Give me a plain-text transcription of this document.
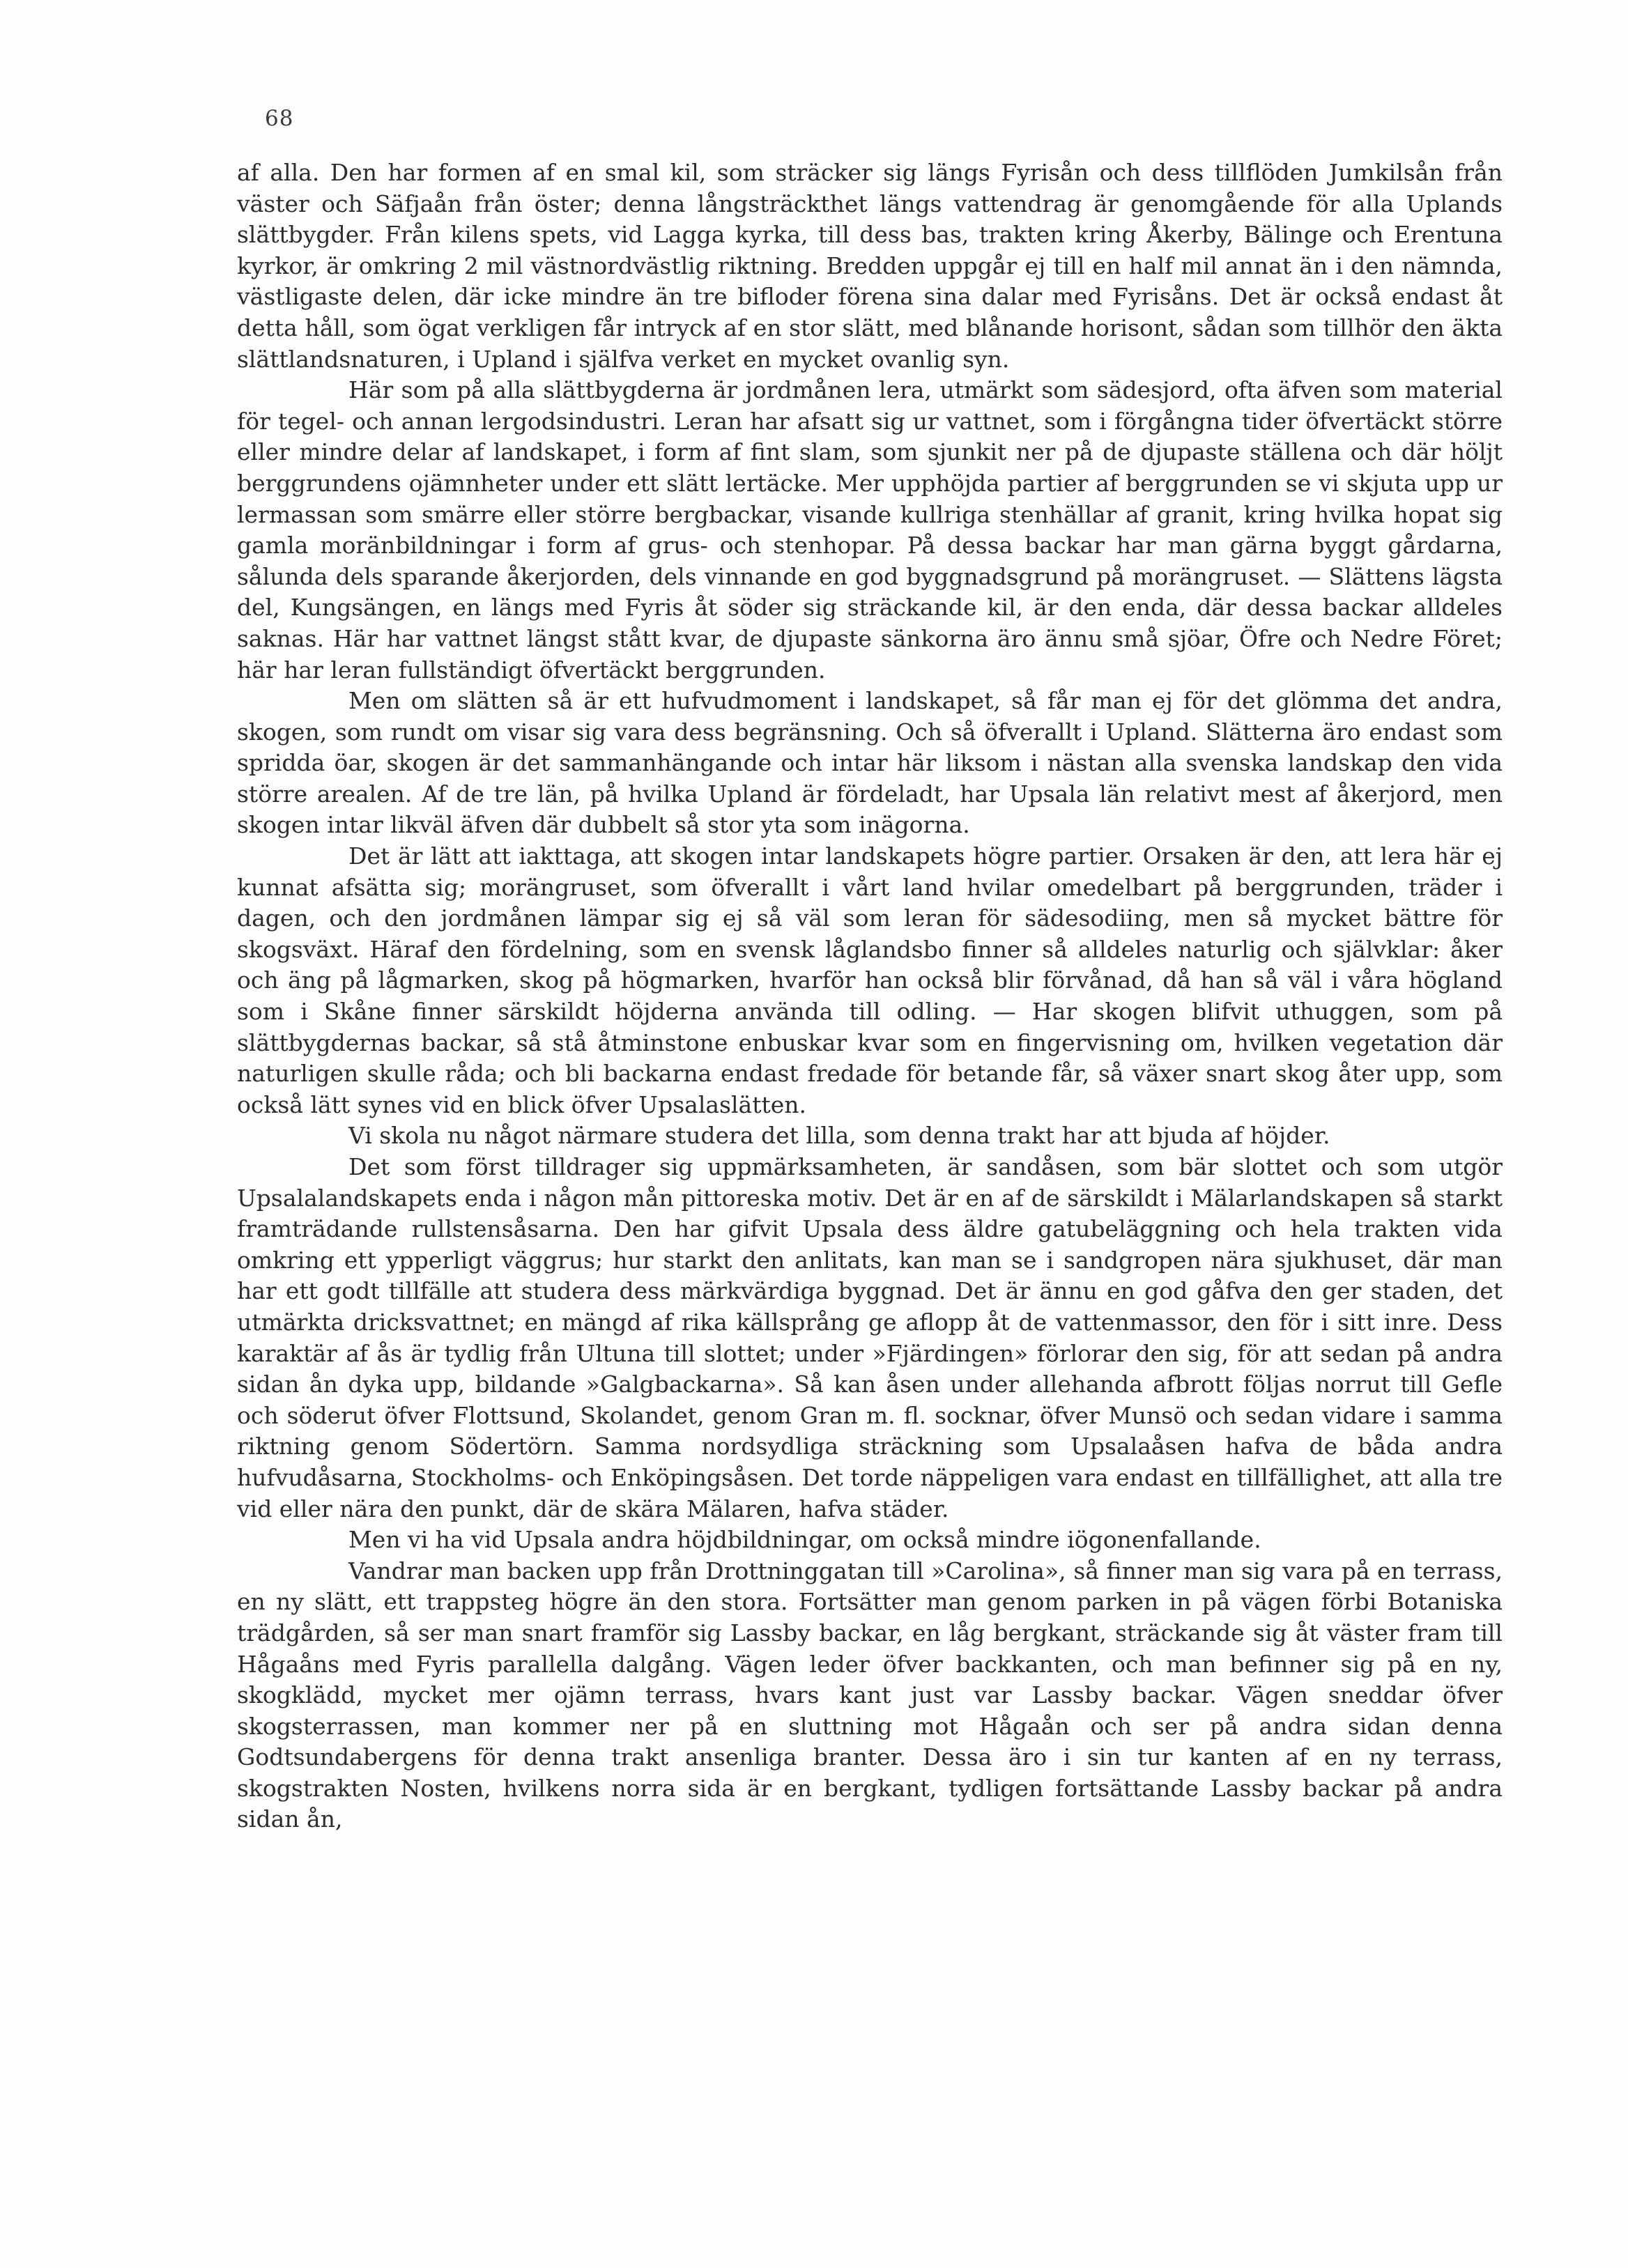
68

af alla. Den har formen af en smal kil, som sträcker sig längs Fyrisån och dess tillflöden Jumkilsån från väster och Säfjaån från öster; denna långsträckthet längs vattendrag är genomgående för alla Uplands slättbygder. Från kilens spets, vid Lagga kyrka, till dess bas, trakten kring Åkerby, Bälinge och Erentuna kyrkor, är omkring 2 mil västnordvästlig riktning. Bredden uppgår ej till en half mil annat än i den nämnda, västligaste delen, där icke mindre än tre bifloder förena sina dalar med Fyrisåns. Det är också endast åt detta håll, som ögat verkligen får intryck af en stor slätt, med blånande horisont, sådan som tillhör den äkta slättlandsnaturen, i Upland i själfva verket en mycket ovanlig syn.

Här som på alla slättbygderna är jordmånen lera, utmärkt som sädesjord, ofta äfven som material för tegel- och annan lergodsindustri. Leran har afsatt sig ur vattnet, som i förgångna tider öfvertäckt större eller mindre delar af landskapet, i form af fint slam, som sjunkit ner på de djupaste ställena och där höljt berggrundens ojämnheter under ett slätt lertäcke. Mer upphöjda partier af berggrunden se vi skjuta upp ur lermassan som smärre eller större bergbackar, visande kullriga stenhällar af granit, kring hvilka hopat sig gamla moränbildningar i form af grus- och stenhopar. På dessa backar har man gärna byggt gårdarna, sålunda dels sparande åkerjorden, dels vinnande en god byggnadsgrund på morängruset. — Slättens lägsta del, Kungsängen, en längs med Fyris åt söder sig sträckande kil, är den enda, där dessa backar alldeles saknas. Här har vattnet längst stått kvar, de djupaste sänkorna äro ännu små sjöar, Öfre och Nedre Föret; här har leran fullständigt öfvertäckt berggrunden.

Men om slätten så är ett hufvudmoment i landskapet, så får man ej för det glömma det andra, skogen, som rundt om visar sig vara dess begränsning. Och så öfverallt i Upland. Slätterna äro endast som spridda öar, skogen är det sammanhängande och intar här liksom i nästan alla svenska landskap den vida större arealen. Af de tre län, på hvilka Upland är fördeladt, har Upsala län relativt mest af åkerjord, men skogen intar likväl äfven där dubbelt så stor yta som inägorna.

Det är lätt att iakttaga, att skogen intar landskapets högre partier. Orsaken är den, att lera här ej kunnat afsätta sig; morängruset, som öfverallt i vårt land hvilar omedelbart på berggrunden, träder i dagen, och den jordmånen lämpar sig ej så väl som leran för sädesodiing, men så mycket bättre för skogsväxt. Häraf den fördelning, som en svensk låglandsbo finner så alldeles naturlig och självklar: åker och äng på lågmarken, skog på högmarken, hvarför han också blir förvånad, då han så väl i våra högland som i Skåne finner särskildt höjderna använda till odling. — Har skogen blifvit uthuggen, som på slättbygdernas backar, så stå åtminstone enbuskar kvar som en fingervisning om, hvilken vegetation där naturligen skulle råda; och bli backarna endast fredade för betande får, så växer snart skog åter upp, som också lätt synes vid en blick öfver Upsalaslätten.

Vi skola nu något närmare studera det lilla, som denna trakt har att bjuda af höjder.

Det som först tilldrager sig uppmärksamheten, är sandåsen, som bär slottet och som utgör Upsalalandskapets enda i någon mån pittoreska motiv. Det är en af de särskildt i Mälarlandskapen så starkt framträdande rullstensåsarna. Den har gifvit Upsala dess äldre gatubeläggning och hela trakten vida omkring ett ypperligt väggrus; hur starkt den anlitats, kan man se i sandgropen nära sjukhuset, där man har ett godt tillfälle att studera dess märkvärdiga byggnad. Det är ännu en god gåfva den ger staden, det utmärkta dricksvattnet; en mängd af rika källsprång ge aflopp åt de vattenmassor, den för i sitt inre. Dess karaktär af ås är tydlig från Ultuna till slottet; under »Fjärdingen» förlorar den sig, för att sedan på andra sidan ån dyka upp, bildande »Galgbackarna». Så kan åsen under allehanda afbrott följas norrut till Gefle och söderut öfver Flottsund, Skolandet, genom Gran m. fl. socknar, öfver Munsö och sedan vidare i samma riktning genom Södertörn. Samma nordsydliga sträckning som Upsalaåsen hafva de båda andra hufvudåsarna, Stockholms- och Enköpingsåsen. Det torde näppeligen vara endast en tillfällighet, att alla tre vid eller nära den punkt, där de skära Mälaren, hafva städer.

Men vi ha vid Upsala andra höjdbildningar, om också mindre iögonenfallande.

Vandrar man backen upp från Drottninggatan till »Carolina», så finner man sig vara på en terrass, en ny slätt, ett trappsteg högre än den stora. Fortsätter man genom parken in på vägen förbi Botaniska trädgården, så ser man snart framför sig Lassby backar, en låg bergkant, sträckande sig åt väster fram till Hågaåns med Fyris parallella dalgång. Vägen leder öfver backkanten, och man befinner sig på en ny, skogklädd, mycket mer ojämn terrass, hvars kant just var Lassby backar. Vägen sneddar öfver skogsterrassen, man kommer ner på en sluttning mot Hågaån och ser på andra sidan denna Godtsundabergens för denna trakt ansenliga branter. Dessa äro i sin tur kanten af en ny terrass, skogstrakten Nosten, hvilkens norra sida är en bergkant, tydligen fortsättande Lassby backar på andra sidan ån,
